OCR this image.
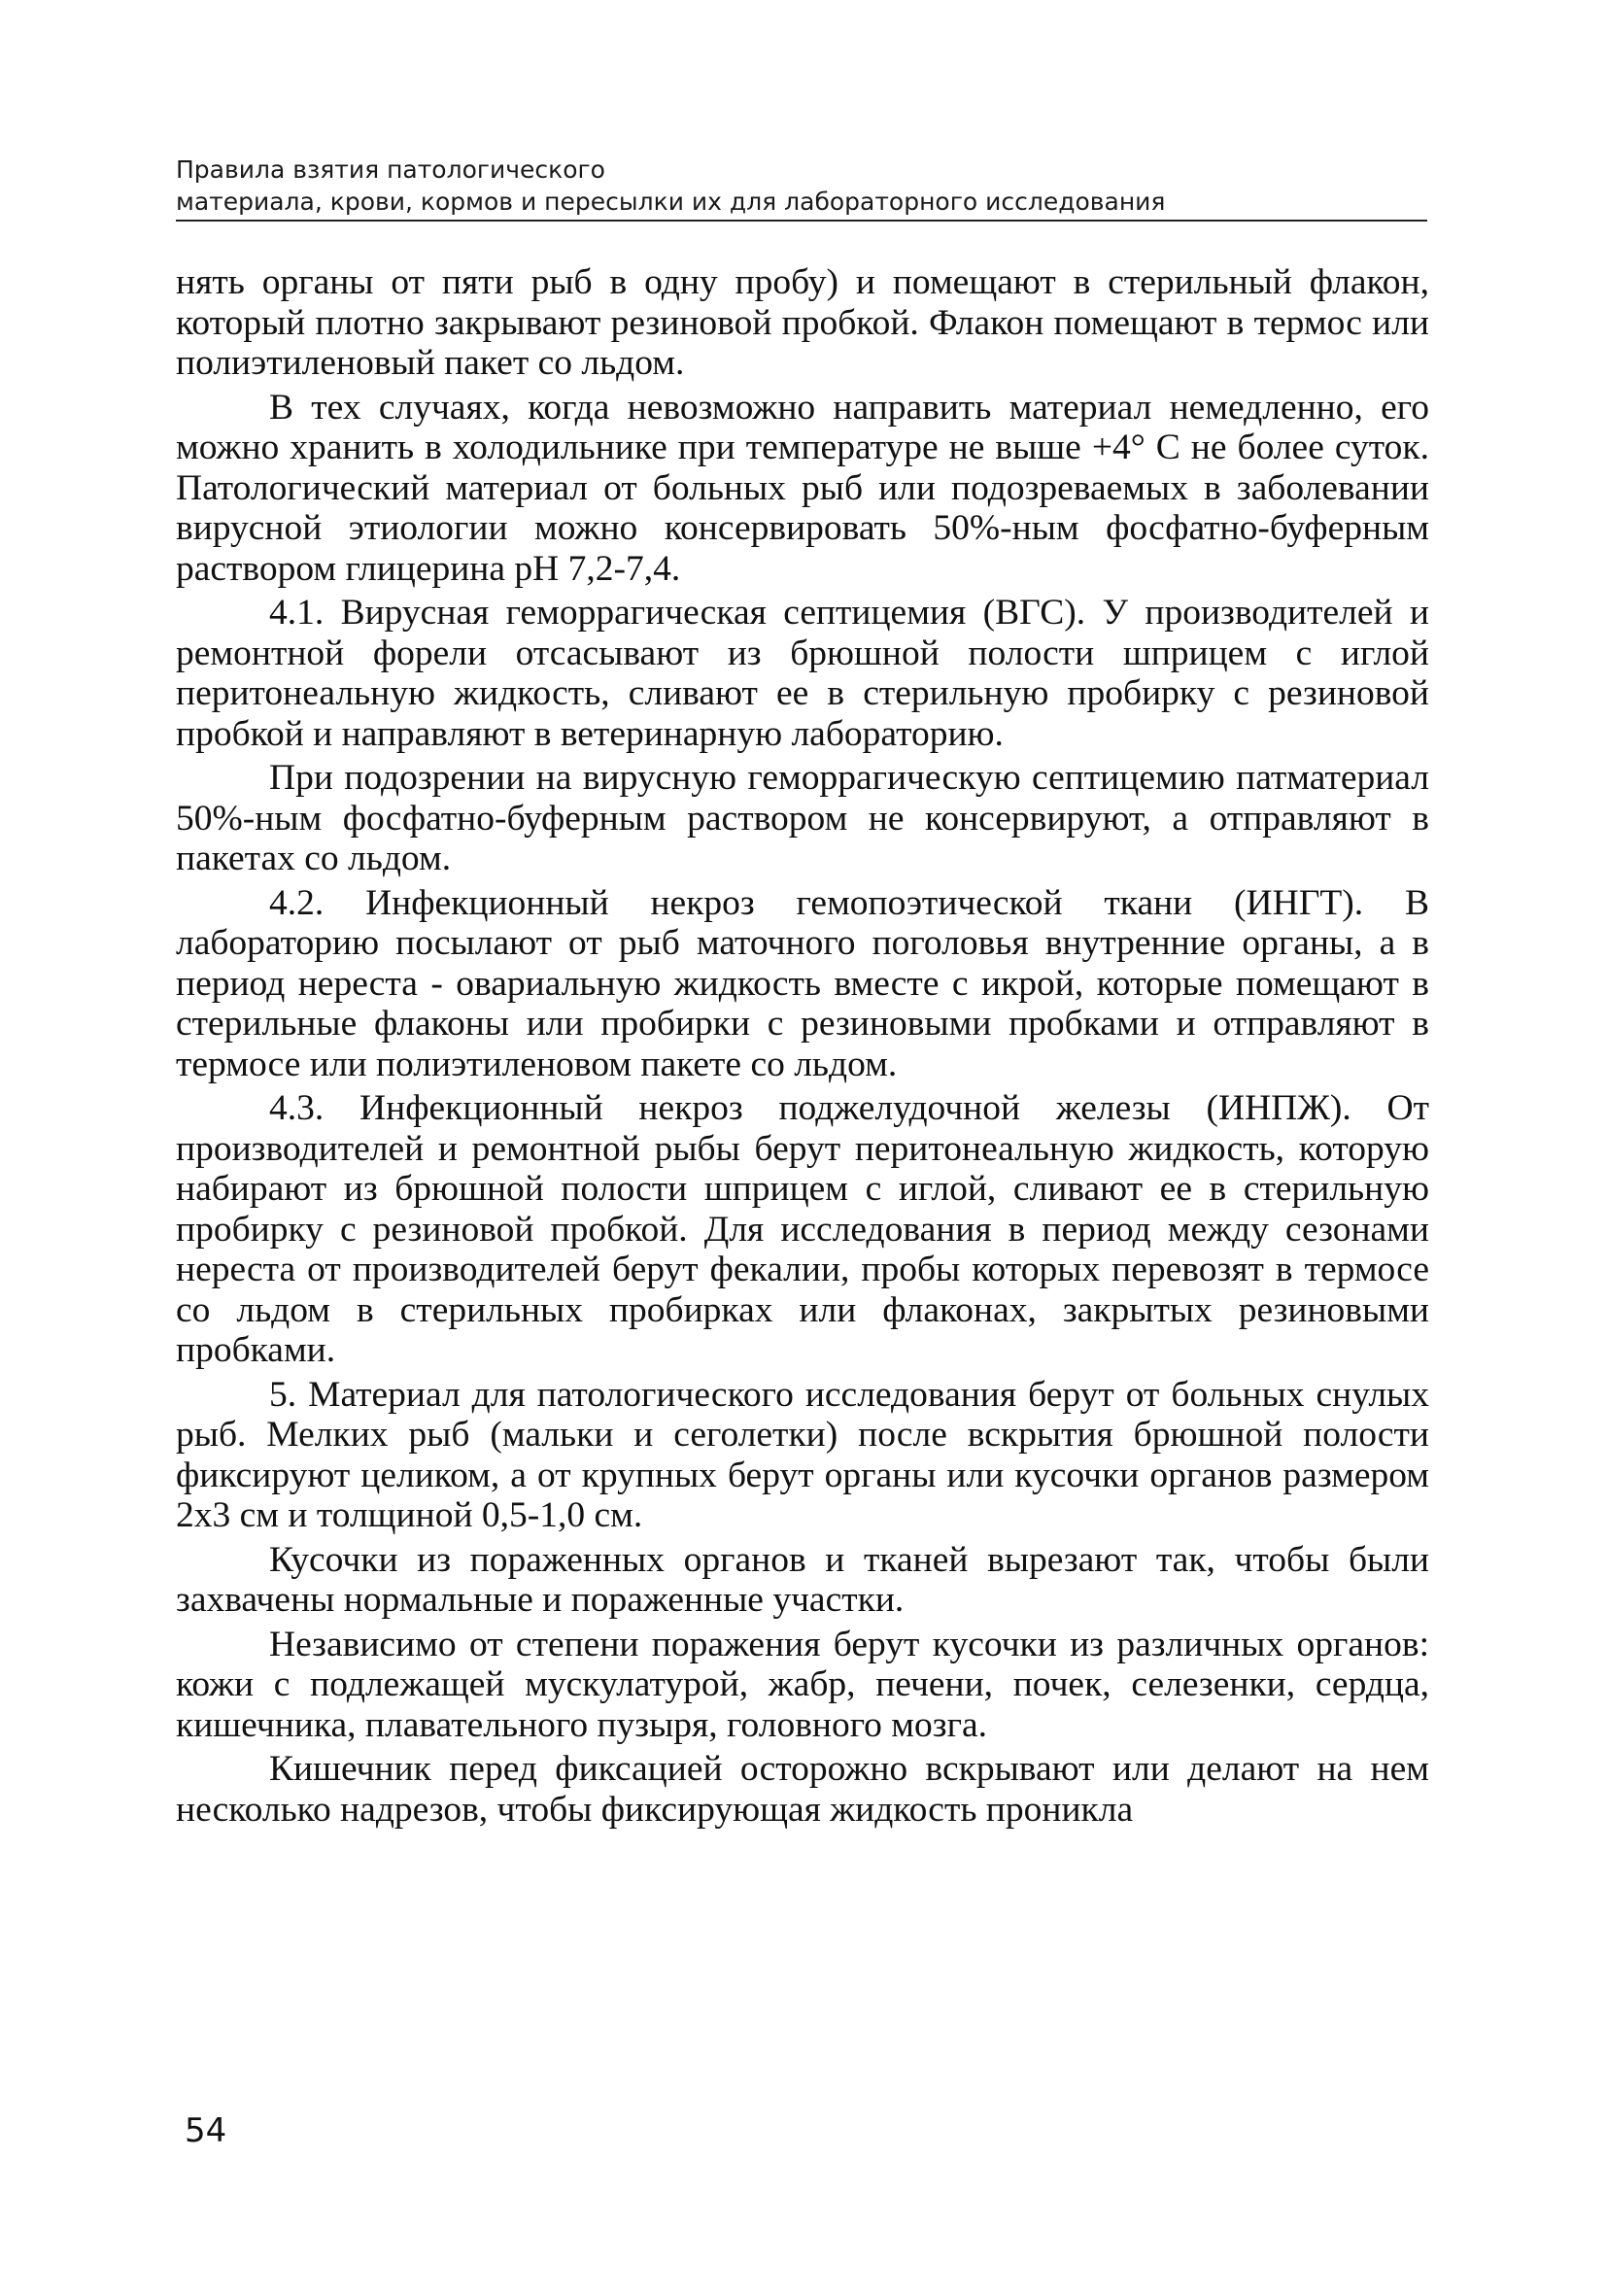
Правила взятия патологического

материала, крови, кормов и пересылки их для лабораторного исследования

нять органы от пяти рыб в одну пробу) и помещают в стерильный флакон, который плотно закрывают резиновой пробкой. Флакон помещают в термос или полиэтиленовый пакет со льдом.

В тех случаях, когда невозможно направить материал немедленно, его можно хранить в холодильнике при температуре не выше +4° С не более суток. Патологический материал от больных рыб или подозреваемых в заболевании вирусной этиологии можно консервировать 50%-ным фосфатно-буферным раствором глицерина pH 7,2-7,4.

4.1. Вирусная геморрагическая септицемия (ВГС). У производителей и ремонтной форели отсасывают из брюшной полости шприцем с иглой перитонеальную жидкость, сливают ее в стерильную пробирку с резиновой пробкой и направляют в ветеринарную лабораторию.

При подозрении на вирусную геморрагическую септицемию патматериал 50%-ным фосфатно-буферным раствором не консервируют, а отправляют в пакетах со льдом.

4.2. Инфекционный некроз гемопоэтической ткани (ИНГТ). В лабораторию посылают от рыб маточного поголовья внутренние органы, а в период нереста - овариальную жидкость вместе с икрой, которые помещают в стерильные флаконы или пробирки с резиновыми пробками и отправляют в термосе или полиэтиленовом пакете со льдом.

4.3. Инфекционный некроз поджелудочной железы (ИНПЖ). От производителей и ремонтной рыбы берут перитонеальную жидкость, которую набирают из брюшной полости шприцем с иглой, сливают ее в стерильную пробирку с резиновой пробкой. Для исследования в период между сезонами нереста от производителей берут фекалии, пробы которых перевозят в термосе со льдом в стерильных пробирках или флаконах, закрытых резиновыми пробками.

5. Материал для патологического исследования берут от больных снулых рыб. Мелких рыб (мальки и сеголетки) после вскрытия брюшной полости фиксируют целиком, а от крупных берут органы или кусочки органов размером 2х3 см и толщиной 0,5-1,0 см.

Кусочки из пораженных органов и тканей вырезают так, чтобы были захвачены нормальные и пораженные участки.

Независимо от степени поражения берут кусочки из различных органов: кожи с подлежащей мускулатурой, жабр, печени, почек, селезенки, сердца, кишечника, плавательного пузыря, головного мозга.

Кишечник перед фиксацией осторожно вскрывают или делают на нем несколько надрезов, чтобы фиксирующая жидкость проникла

54
